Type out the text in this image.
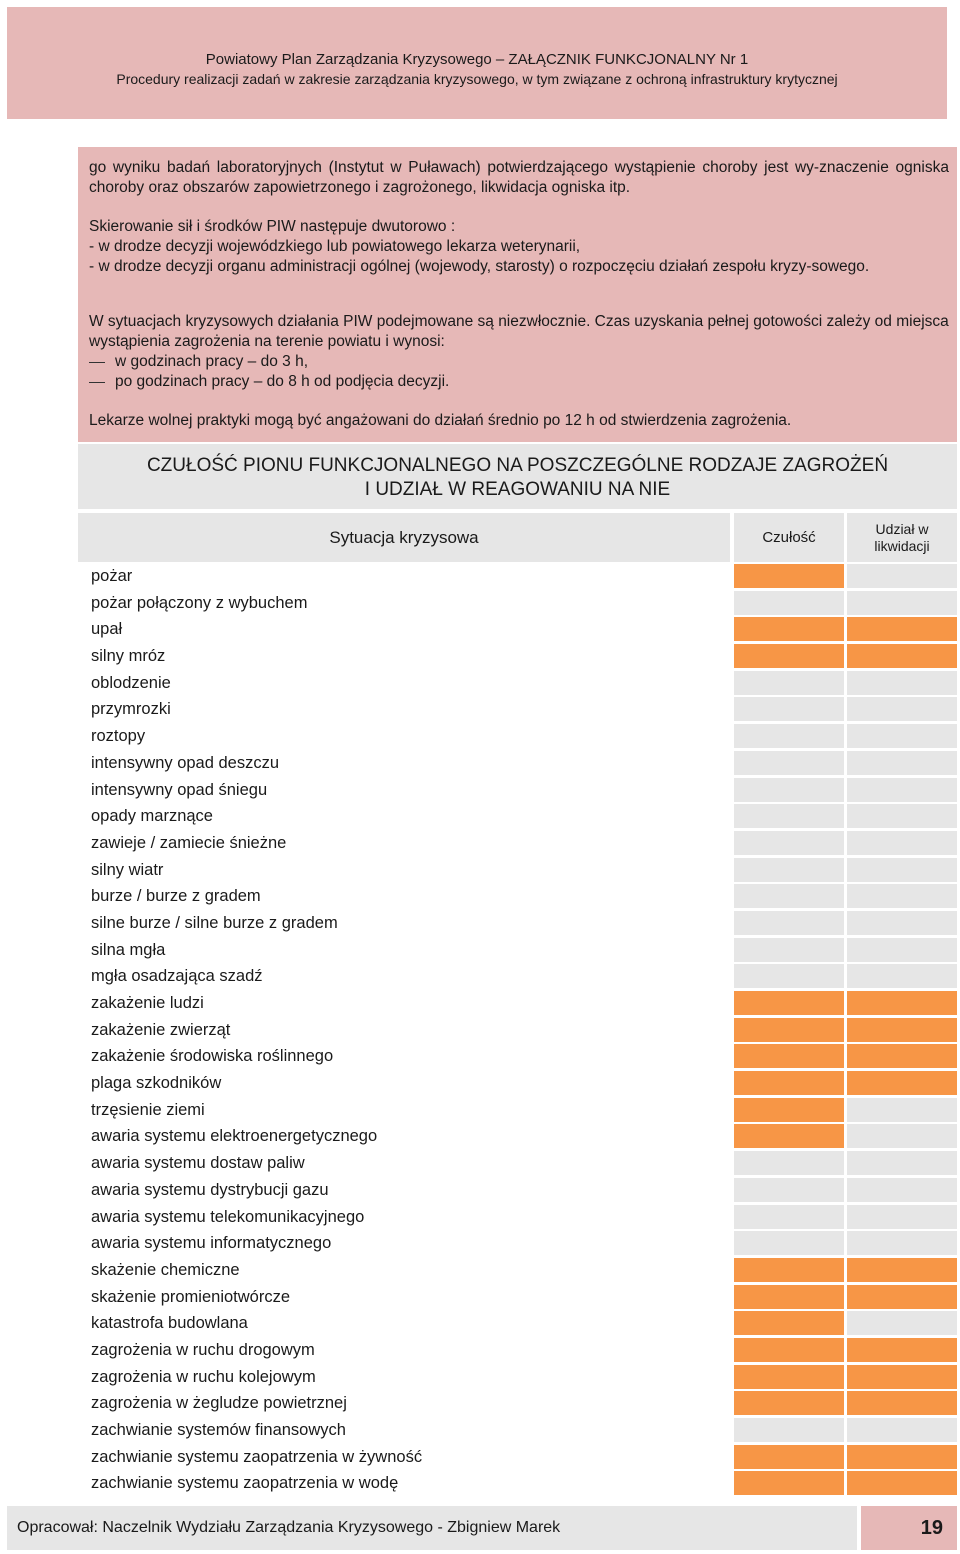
Powiatowy Plan Zarządzania Kryzysowego – ZAŁĄCZNIK FUNKCJONALNY Nr 1
Procedury realizacji zadań w zakresie zarządzania kryzysowego, w tym związane z ochroną infrastruktury krytycznej
go wyniku badań laboratoryjnych (Instytut w Puławach) potwierdzającego wystąpienie choroby jest wy-znaczenie ogniska choroby oraz obszarów zapowietrzonego i zagrożonego, likwidacja ogniska itp.
Skierowanie sił i środków PIW następuje dwutorowo :
- w drodze decyzji wojewódzkiego lub powiatowego lekarza weterynarii,
- w drodze decyzji organu administracji ogólnej (wojewody, starosty) o rozpoczęciu działań zespołu kryzy-sowego.
W sytuacjach kryzysowych działania PIW podejmowane są niezwłocznie. Czas uzyskania pełnej gotowości zależy od miejsca wystąpienia zagrożenia na terenie powiatu i wynosi:
w godzinach pracy – do 3 h,
po godzinach pracy – do 8 h od podjęcia decyzji.
Lekarze wolnej praktyki mogą być angażowani do działań średnio po 12 h od stwierdzenia zagrożenia.
CZUŁOŚĆ PIONU FUNKCJONALNEGO NA POSZCZEGÓLNE RODZAJE ZAGROŻEŃ
I UDZIAŁ W REAGOWANIU NA NIE
Sytuacja kryzysowa	Czułość
Udział w likwidacji
pożar
pożar połączony z wybuchem
upał
silny mróz
oblodzenie
przymrozki
roztopy
intensywny opad deszczu
intensywny opad śniegu
opady marznące
zawieje / zamiecie śnieżne
silny wiatr
burze / burze z gradem
silne burze / silne burze z gradem
silna mgła
mgła osadzająca szadź
zakażenie ludzi
zakażenie zwierząt
zakażenie środowiska roślinnego
plaga szkodników
trzęsienie ziemi
awaria systemu elektroenergetycznego
awaria systemu dostaw paliw
awaria systemu dystrybucji gazu
awaria systemu telekomunikacyjnego
awaria systemu informatycznego
skażenie chemiczne
skażenie promieniotwórcze
katastrofa budowlana
zagrożenia w ruchu drogowym
zagrożenia w ruchu kolejowym
zagrożenia w żegludze powietrznej
zachwianie systemów finansowych
zachwianie systemu zaopatrzenia w żywność
zachwianie systemu zaopatrzenia w wodę
Opracował: Naczelnik Wydziału Zarządzania Kryzysowego - Zbigniew Marek	19
